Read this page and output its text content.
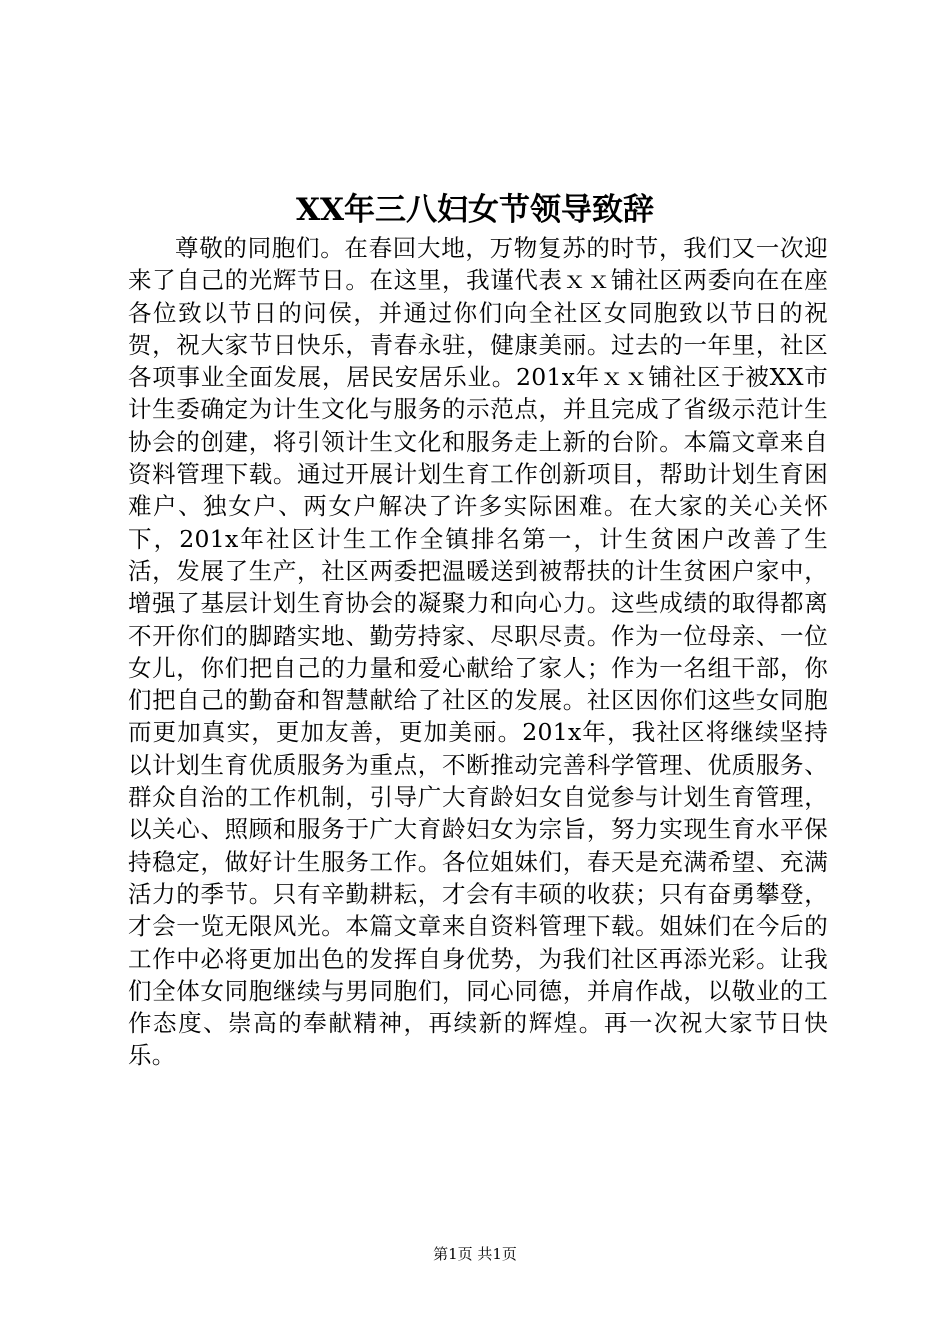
XX年三八妇女节领导致辞

尊敬的同胞们。在春回大地，万物复苏的时节，我们又一次迎来了自己的光辉节日。在这里，我谨代表ｘｘ铺社区两委向在在座各位致以节日的问侯，并通过你们向全社区女同胞致以节日的祝贺，祝大家节日快乐，青春永驻，健康美丽。过去的一年里，社区各项事业全面发展，居民安居乐业。201x年ｘｘ铺社区于被XX市计生委确定为计生文化与服务的示范点，并且完成了省级示范计生协会的创建，将引领计生文化和服务走上新的台阶。本篇文章来自资料管理下载。通过开展计划生育工作创新项目，帮助计划生育困难户、独女户、两女户解决了许多实际困难。在大家的关心关怀下，201x年社区计生工作全镇排名第一，计生贫困户改善了生活，发展了生产，社区两委把温暖送到被帮扶的计生贫困户家中，增强了基层计划生育协会的凝聚力和向心力。这些成绩的取得都离不开你们的脚踏实地、勤劳持家、尽职尽责。作为一位母亲、一位女儿，你们把自己的力量和爱心献给了家人；作为一名组干部，你们把自己的勤奋和智慧献给了社区的发展。社区因你们这些女同胞而更加真实，更加友善，更加美丽。201x年，我社区将继续坚持以计划生育优质服务为重点，不断推动完善科学管理、优质服务、群众自治的工作机制，引导广大育龄妇女自觉参与计划生育管理，以关心、照顾和服务于广大育龄妇女为宗旨，努力实现生育水平保持稳定，做好计生服务工作。各位姐妹们，春天是充满希望、充满活力的季节。只有辛勤耕耘，才会有丰硕的收获；只有奋勇攀登，才会一览无限风光。本篇文章来自资料管理下载。姐妹们在今后的工作中必将更加出色的发挥自身优势，为我们社区再添光彩。让我们全体女同胞继续与男同胞们，同心同德，并肩作战，以敬业的工作态度、崇高的奉献精神，再续新的辉煌。再一次祝大家节日快乐。

第1页 共1页
